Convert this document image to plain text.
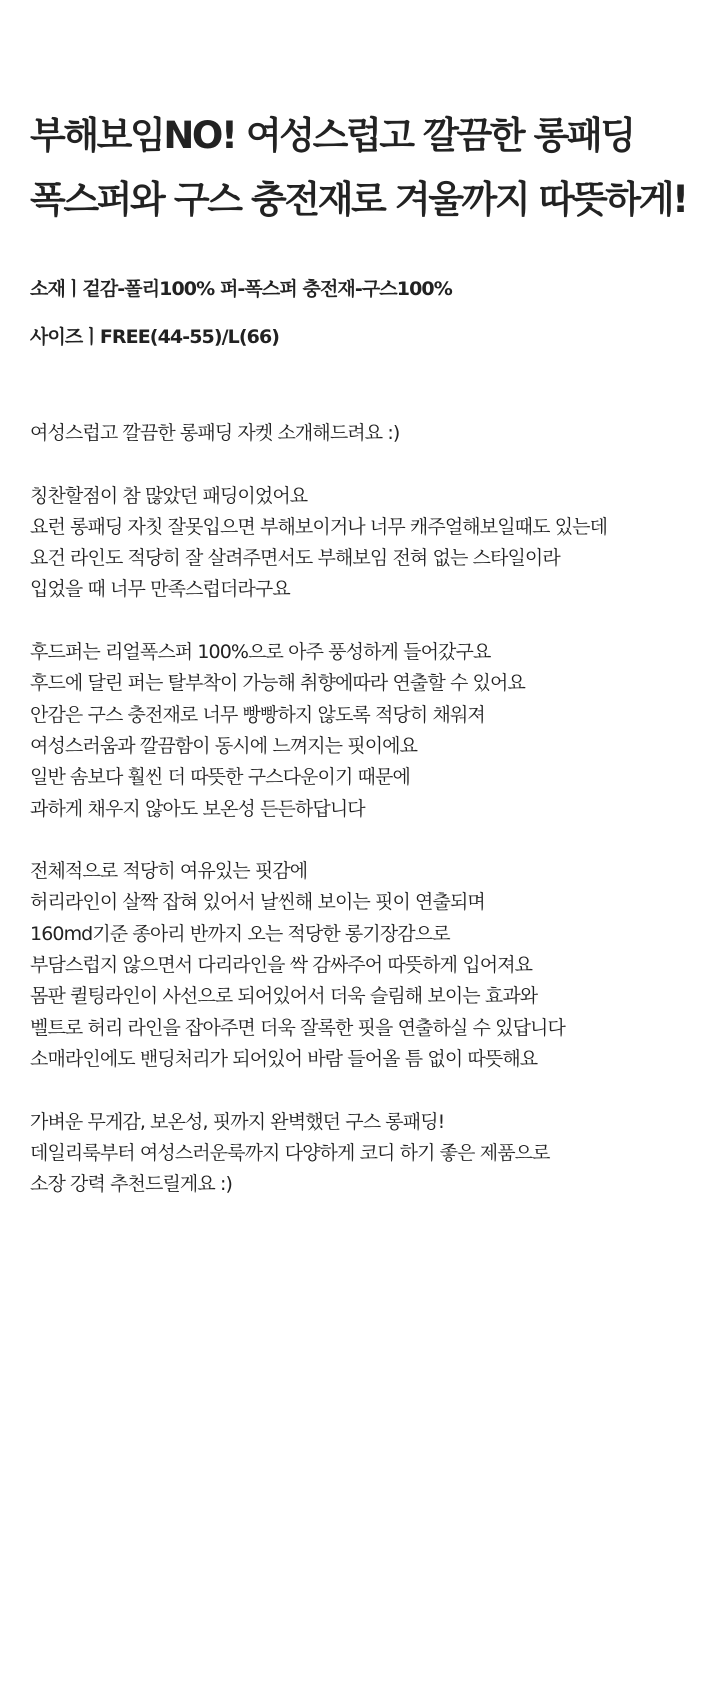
부해보임NO! 여성스럽고 깔끔한 롱패딩
폭스퍼와 구스 충전재로 겨울까지 따뜻하게!

소재ㅣ겉감-폴리100% 퍼-폭스퍼 충전재-구스100%

사이즈ㅣFREE(44-55)/L(66)

여성스럽고 깔끔한 롱패딩 자켓 소개해드려요 :)

칭찬할점이 참 많았던 패딩이었어요
요런 롱패딩 자칫 잘못입으면 부해보이거나 너무 캐주얼해보일때도 있는데
요건 라인도 적당히 잘 살려주면서도 부해보임 전혀 없는 스타일이라
입었을 때 너무 만족스럽더라구요

후드퍼는 리얼폭스퍼 100%으로 아주 풍성하게 들어갔구요
후드에 달린 퍼는 탈부착이 가능해 취향에따라 연출할 수 있어요
안감은 구스 충전재로 너무 빵빵하지 않도록 적당히 채워져
여성스러움과 깔끔함이 동시에 느껴지는 핏이에요
일반 솜보다 훨씬 더 따뜻한 구스다운이기 때문에
과하게 채우지 않아도 보온성 든든하답니다

전체적으로 적당히 여유있는 핏감에
허리라인이 살짝 잡혀 있어서 날씬해 보이는 핏이 연출되며
160md기준 종아리 반까지 오는 적당한 롱기장감으로
부담스럽지 않으면서 다리라인을 싹 감싸주어 따뜻하게 입어져요
몸판 퀼팅라인이 사선으로 되어있어서 더욱 슬림해 보이는 효과와
벨트로 허리 라인을 잡아주면 더욱 잘록한 핏을 연출하실 수 있답니다
소매라인에도 밴딩처리가 되어있어 바람 들어올 틈 없이 따뜻해요

가벼운 무게감, 보온성, 핏까지 완벽했던 구스 롱패딩!
데일리룩부터 여성스러운룩까지 다양하게 코디 하기 좋은 제품으로
소장 강력 추천드릴게요 :)
